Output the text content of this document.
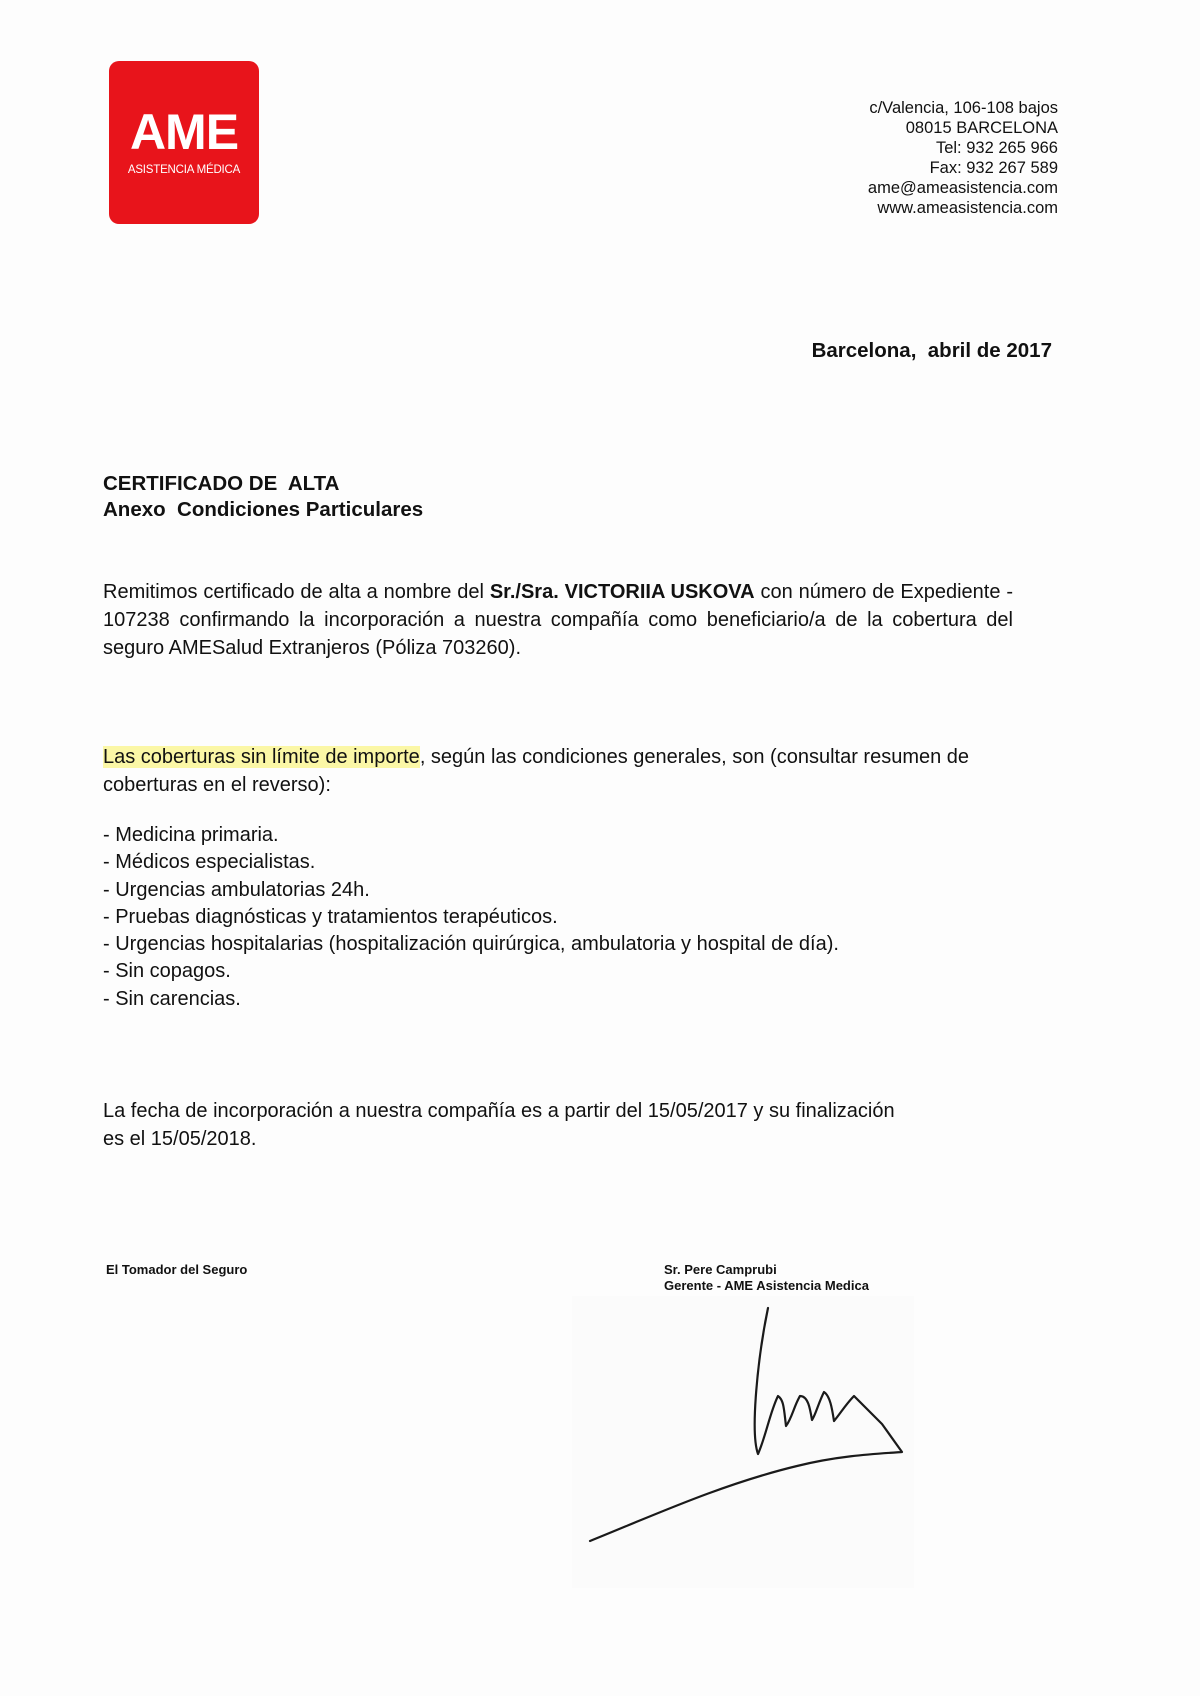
AME
ASISTENCIA MÉDICA
c/Valencia, 106-108 bajos
08015 BARCELONA
Tel: 932 265 966
Fax: 932 267 589
ame@ameasistencia.com
www.ameasistencia.com
Barcelona,  abril de 2017
CERTIFICADO DE  ALTA
Anexo  Condiciones Particulares
Remitimos certificado de alta a nombre del Sr./Sra. VICTORIIA USKOVA con número de Expediente - 107238 confirmando la incorporación a nuestra compañía como beneficiario/a de la cobertura del seguro AMESalud Extranjeros (Póliza 703260).
Las coberturas sin límite de importe, según las condiciones generales, son (consultar resumen de coberturas en el reverso):
- Medicina primaria.
- Médicos especialistas.
- Urgencias ambulatorias 24h.
- Pruebas diagnósticas y tratamientos terapéuticos.
- Urgencias hospitalarias (hospitalización quirúrgica, ambulatoria y hospital de día).
- Sin copagos.
- Sin carencias.
La fecha de incorporación a nuestra compañía es a partir del 15/05/2017 y su finalización
es el 15/05/2018.
El Tomador del Seguro	Sr. Pere Camprubi
Gerente - AME Asistencia Medica
